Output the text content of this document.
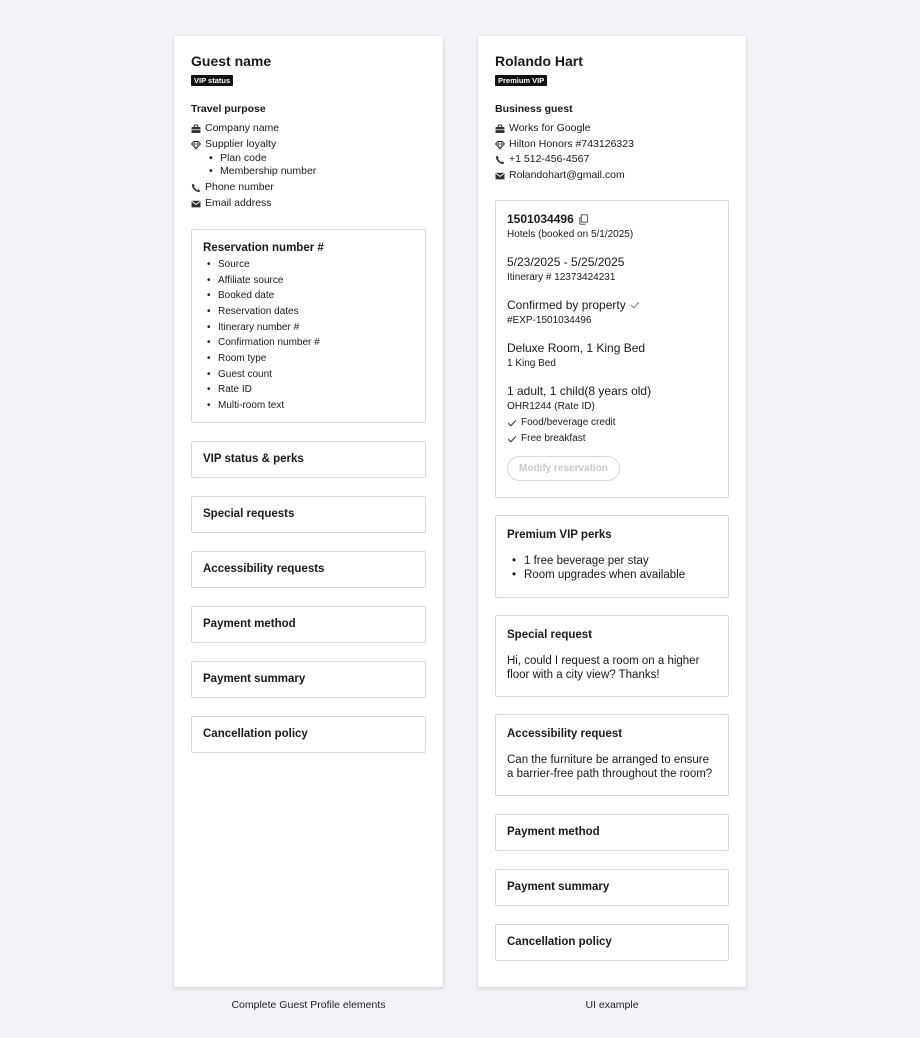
Guest name
VIP status
Travel purpose
Company name
Supplier loyalty
• Plan code
• Membership number
Phone number
Email address
Reservation number #
• Source
• Affiliate source
• Booked date
• Reservation dates
• Itinerary number #
• Confirmation number #
• Room type
• Guest count
• Rate ID
• Multi-room text
VIP status & perks
Special requests
Accessibility requests
Payment method
Payment summary
Cancellation policy
Complete Guest Profile elements
Rolando Hart
Premium VIP
Business guest
Works for Google
Hilton Honors #743126323
+1 512-456-4567
Rolandohart@gmail.com
1501034496
Hotels (booked on 5/1/2025)
5/23/2025 - 5/25/2025
Itinerary # 12373424231
Confirmed by property
#EXP-1501034496
Deluxe Room, 1 King Bed
1 King Bed
1 adult, 1 child(8 years old)
OHR1244 (Rate ID)
Food/beverage credit
Free breakfast
Modify reservation
Premium VIP perks
• 1 free beverage per stay
• Room upgrades when available
Special request
Hi, could I request a room on a higher floor with a city view? Thanks!
Accessibility request
Can the furniture be arranged to ensure a barrier-free path throughout the room?
Payment method
Payment summary
Cancellation policy
UI example
